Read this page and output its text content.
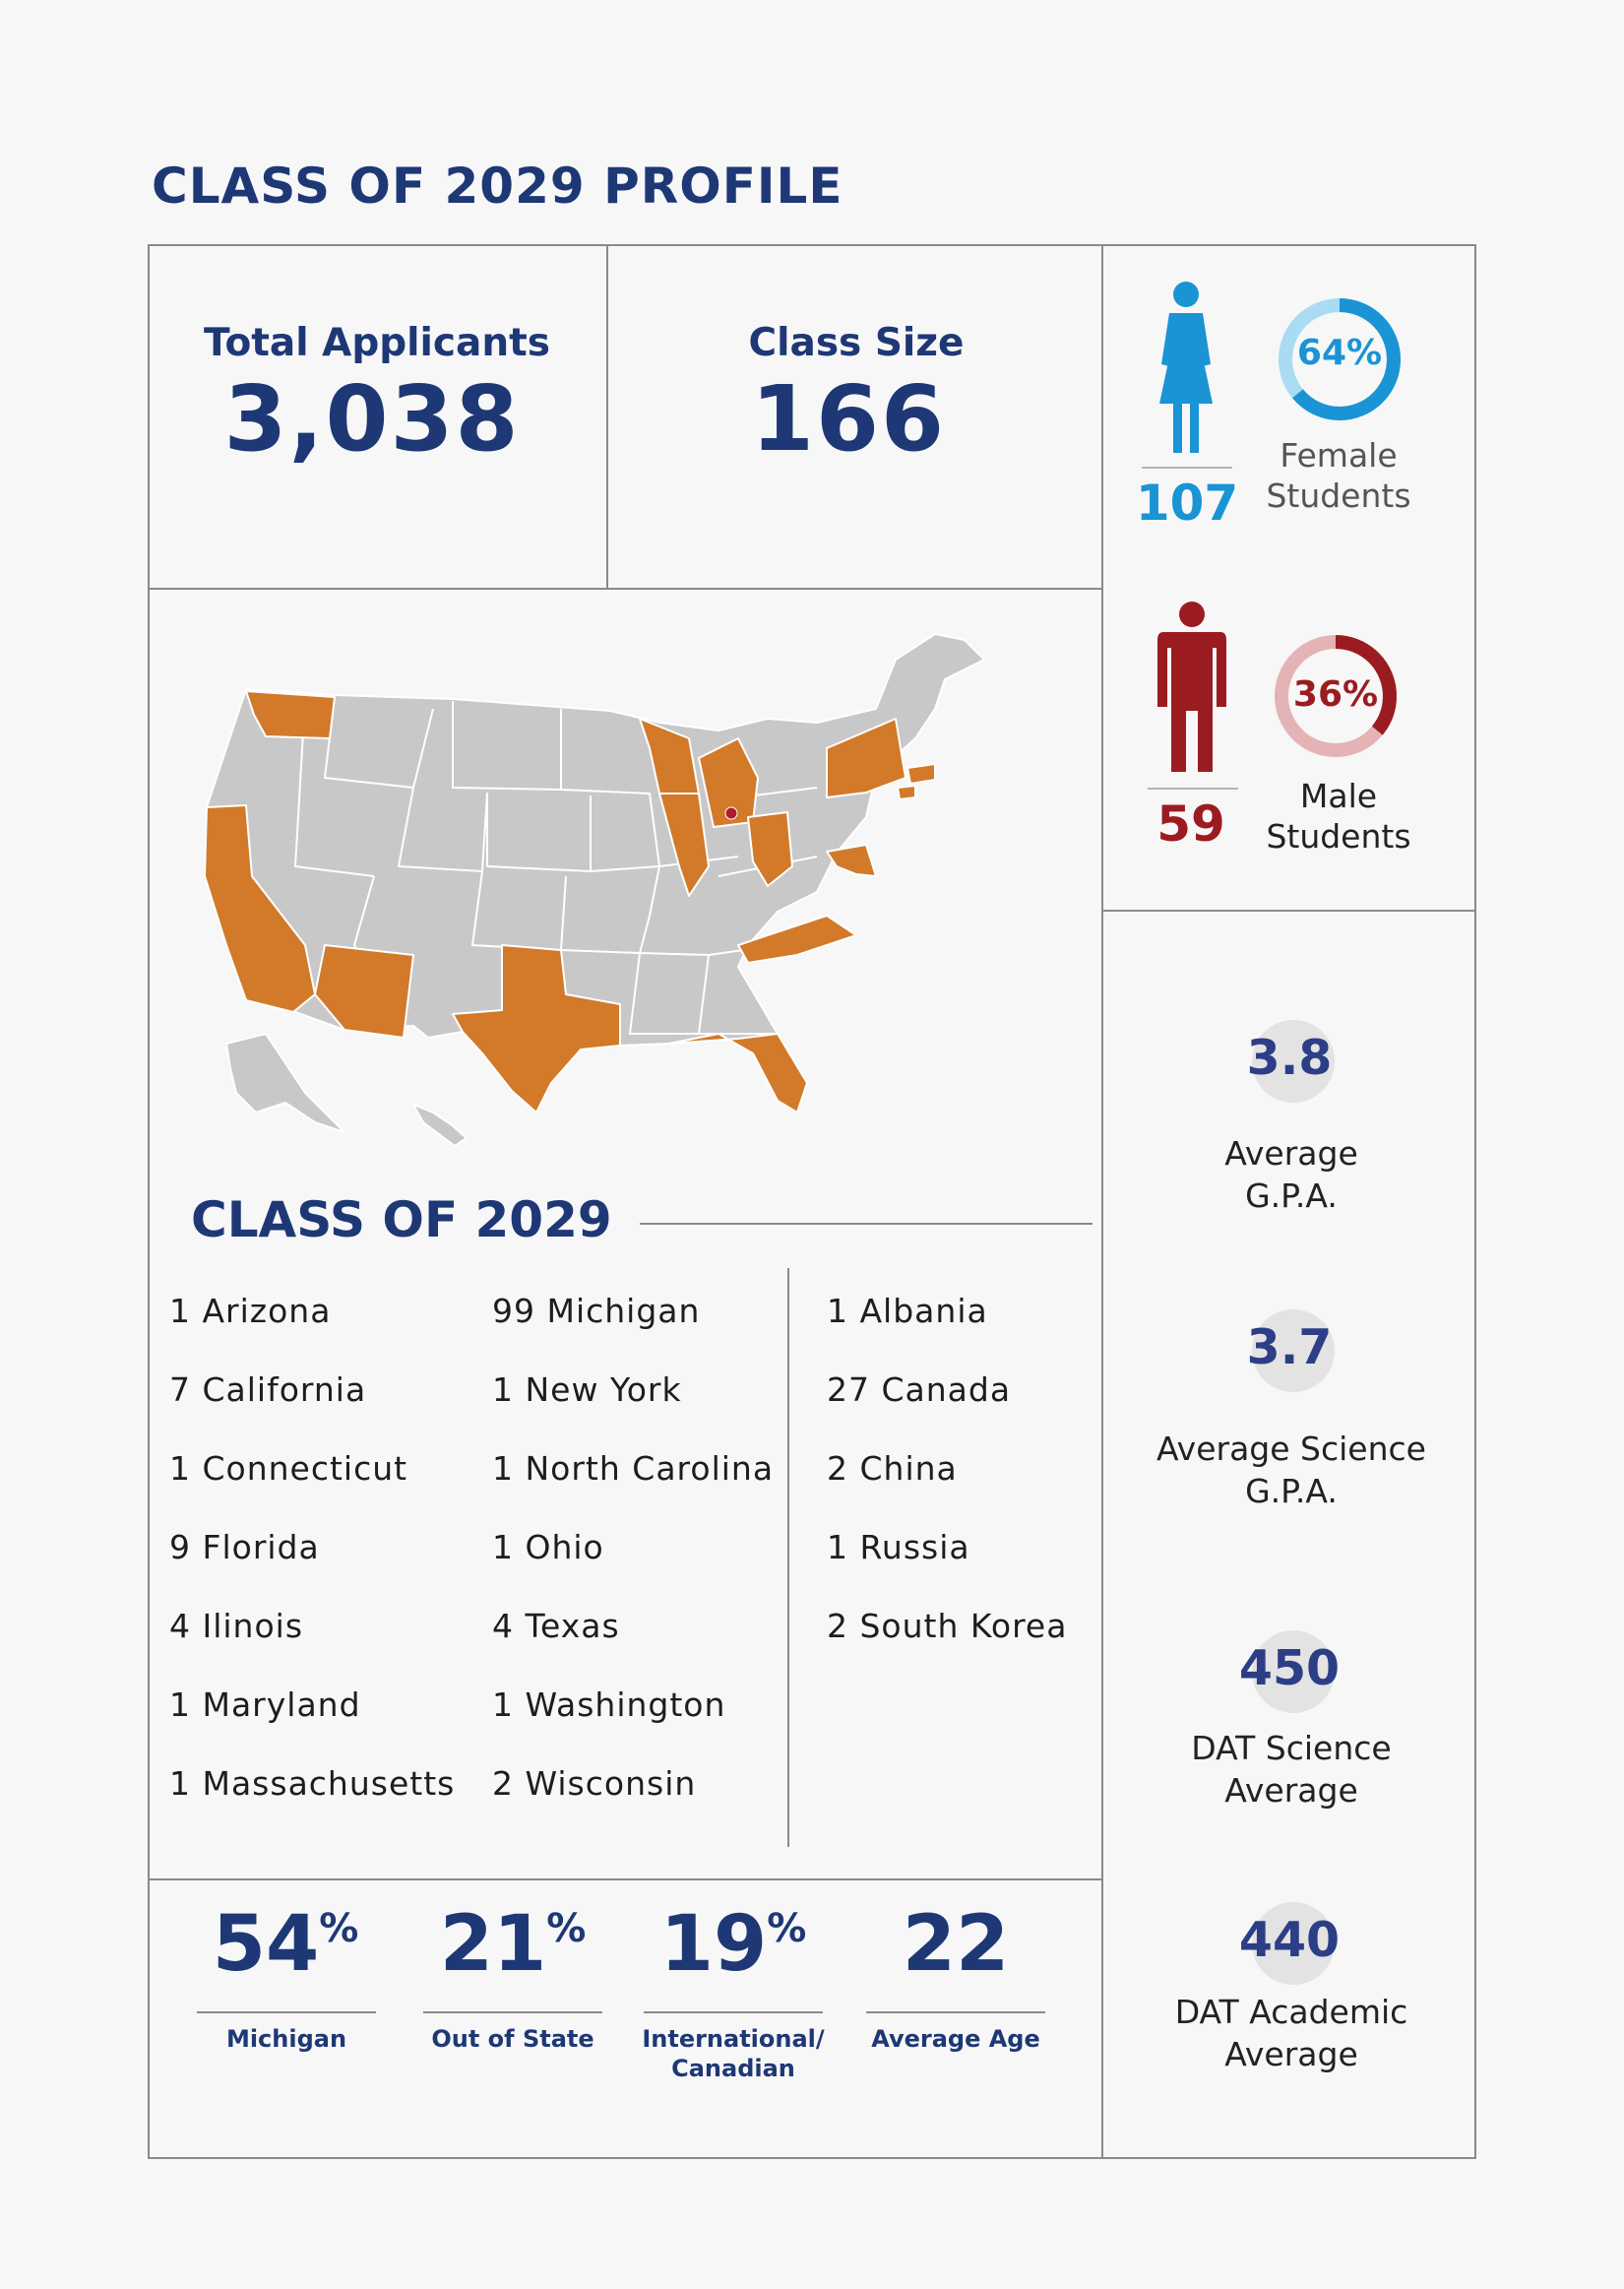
CLASS OF 2029 PROFILE
Total Applicants
3,038
Class Size
166
107
64%
Female
Students
59
36%
Male
Students
3.8
Average
G.P.A.
3.7
Average Science
G.P.A.
450
DAT Science
Average
440
DAT Academic
Average
CLASS OF 2029
1 Arizona
7 California
1 Connecticut
9 Florida
4 Ilinois
1 Maryland
1 Massachusetts
99 Michigan
1 New York
1 North Carolina
1 Ohio
4 Texas
1 Washington
2 Wisconsin
1 Albania
27 Canada
2 China
1 Russia
2 South Korea
54%
Michigan
21%
Out of State
19%
International/
Canadian
22
Average Age
